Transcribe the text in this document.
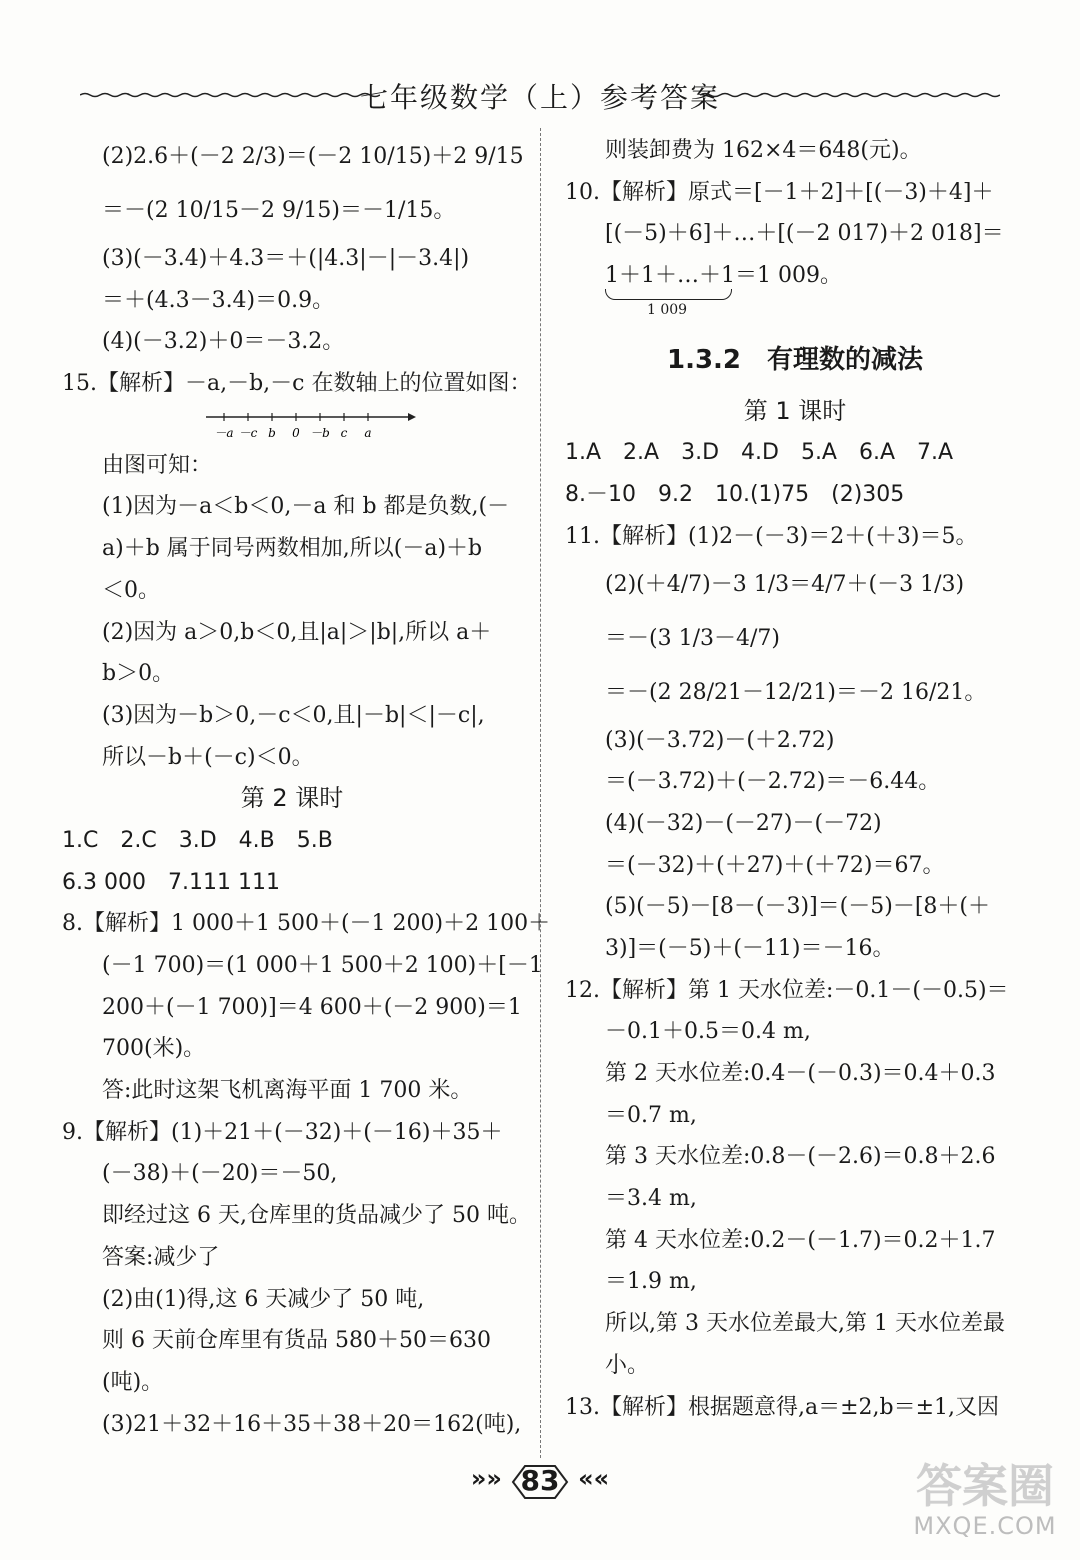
七年级数学（上）参考答案
(2)2.6＋(－2 2/3)＝(－2 10/15)＋2 9/15
＝－(2 10/15－2 9/15)＝－1/15。
(3)(－3.4)＋4.3＝＋(|4.3|－|－3.4|)
＝＋(4.3－3.4)＝0.9。
(4)(－3.2)＋0＝－3.2。
15.【解析】－a,－b,－c 在数轴上的位置如图：
－a －c b 0 －b c a
由图可知：
(1)因为－a＜b＜0,－a 和 b 都是负数,(－
a)＋b 属于同号两数相加,所以(－a)＋b
＜0。
(2)因为 a＞0,b＜0,且|a|＞|b|,所以 a＋
b＞0。
(3)因为－b＞0,－c＜0,且|－b|＜|－c|,
所以－b＋(－c)＜0。
第 2 课时
1.C　2.C　3.D　4.B　5.B
6.3 000　7.111 111
8.【解析】1 000＋1 500＋(－1 200)＋2 100＋
(－1 700)＝(1 000＋1 500＋2 100)＋[－1
200＋(－1 700)]＝4 600＋(－2 900)＝1
700(米)。
答:此时这架飞机离海平面 1 700 米。
9.【解析】(1)＋21＋(－32)＋(－16)＋35＋
(－38)＋(－20)＝－50,
即经过这 6 天,仓库里的货品减少了 50 吨。
答案:减少了
(2)由(1)得,这 6 天减少了 50 吨,
则 6 天前仓库里有货品 580＋50＝630
(吨)。
(3)21＋32＋16＋35＋38＋20＝162(吨),
则装卸费为 162×4＝648(元)。
10.【解析】原式＝[－1＋2]＋[(－3)＋4]＋
[(－5)＋6]＋…＋[(－2 017)＋2 018]＝
1＋1＋…＋1＝1 009。
1 009
1.3.2　有理数的减法
第 1 课时
1.A　2.A　3.D　4.D　5.A　6.A　7.A
8.－10　9.2　10.(1)75　(2)305
11.【解析】(1)2－(－3)＝2＋(＋3)＝5。
(2)(＋4/7)－3 1/3＝4/7＋(－3 1/3)
＝－(3 1/3－4/7)
＝－(2 28/21－12/21)＝－2 16/21。
(3)(－3.72)－(＋2.72)
＝(－3.72)＋(－2.72)＝－6.44。
(4)(－32)－(－27)－(－72)
＝(－32)＋(＋27)＋(＋72)＝67。
(5)(－5)－[8－(－3)]＝(－5)－[8＋(＋
3)]＝(－5)＋(－11)＝－16。
12.【解析】第 1 天水位差:－0.1－(－0.5)＝
－0.1＋0.5＝0.4 m,
第 2 天水位差:0.4－(－0.3)＝0.4＋0.3
＝0.7 m,
第 3 天水位差:0.8－(－2.6)＝0.8＋2.6
＝3.4 m,
第 4 天水位差:0.2－(－1.7)＝0.2＋1.7
＝1.9 m,
所以,第 3 天水位差最大,第 1 天水位差最
小。
13.【解析】根据题意得,a＝±2,b＝±1,又因
»» 83 ««	答案圈
MXQE.COM
